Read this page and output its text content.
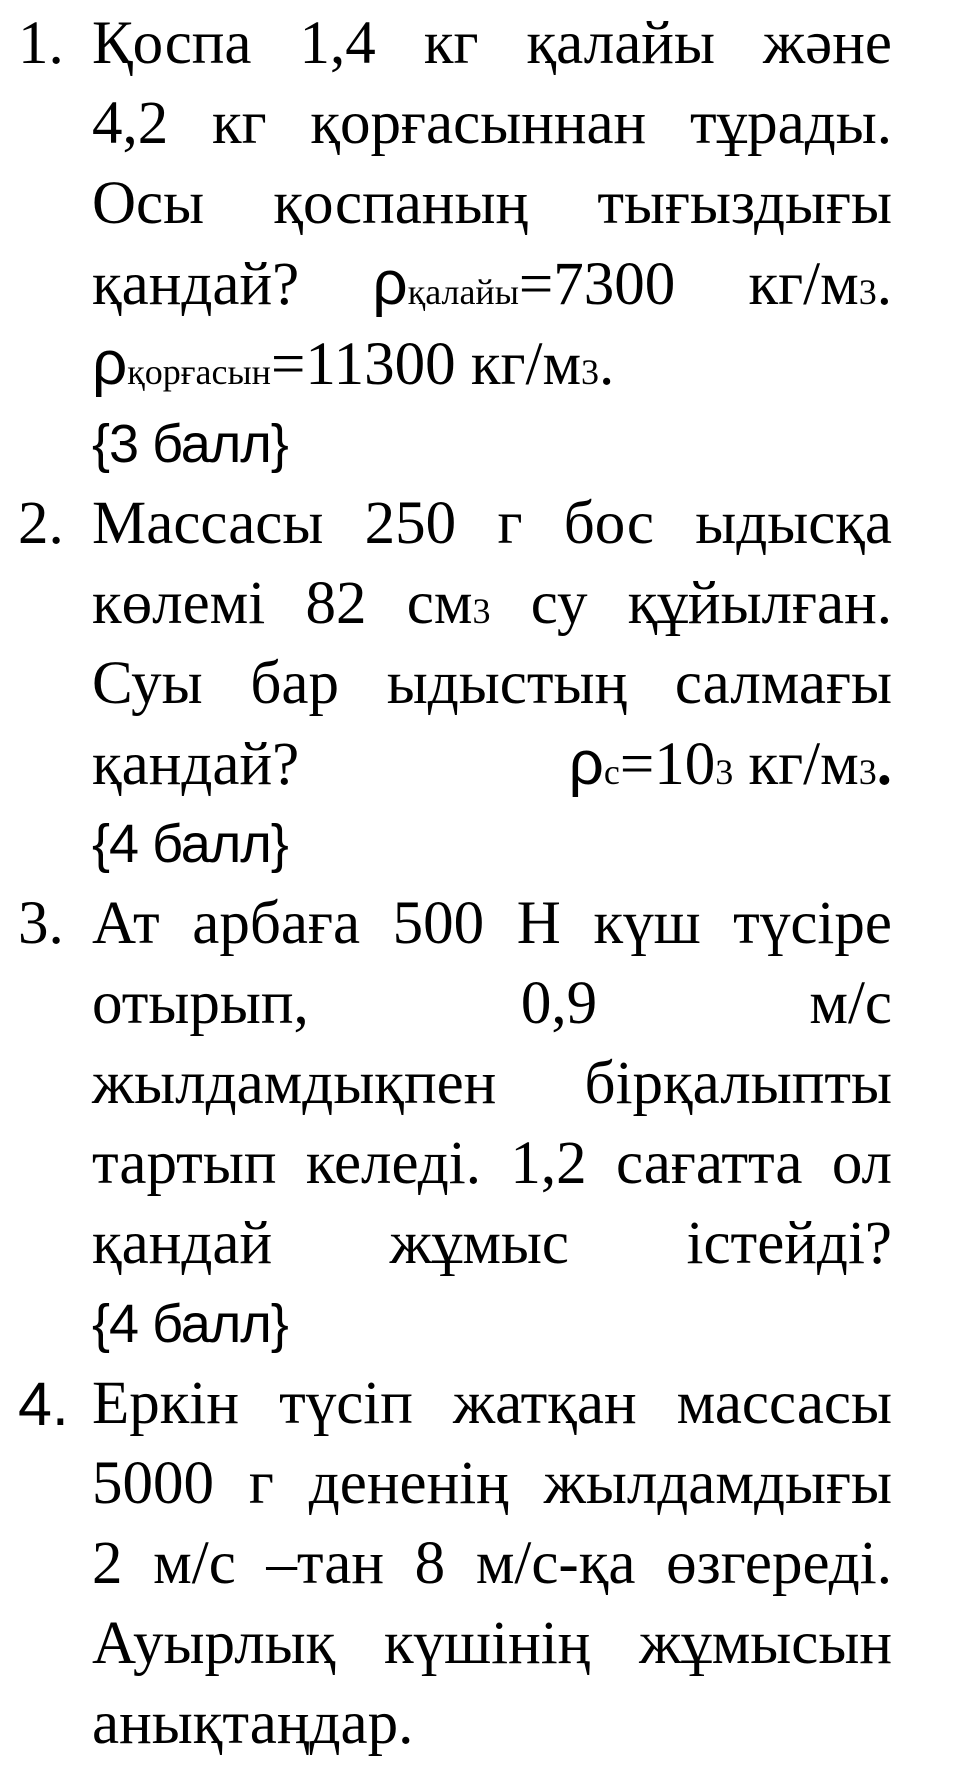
1. Қоспа 1,4 кг қалайы және
4,2 кг қорғасыннан тұрады.
Осы қоспаның тығыздығы
қандай? ρ қалайы =7300 кг/м 3 .
ρ қорғасын =11300 кг/м 3 .
{3 балл}
2. Массасы 250 г бос ыдысқа
көлемі 82 см 3 су құйылған.
Суы бар ыдыстың салмағы
қандай?	ρ с =10 3
кг/м 3 .
{4 балл}
3. Ат арбаға 500 Н күш түсіре
отырып,	0,9	м/с
жылдамдықпен бірқалыпты
тартып келеді. 1,2 сағатта ол
қандай жұмыс істейді?
{4 балл}
4. Еркін түсіп жатқан массасы
5000 г дененің жылдамдығы
2 м/с –тан 8 м/с-қа өзгереді.
Ауырлық күшінің жұмысын
анықтаңдар.
